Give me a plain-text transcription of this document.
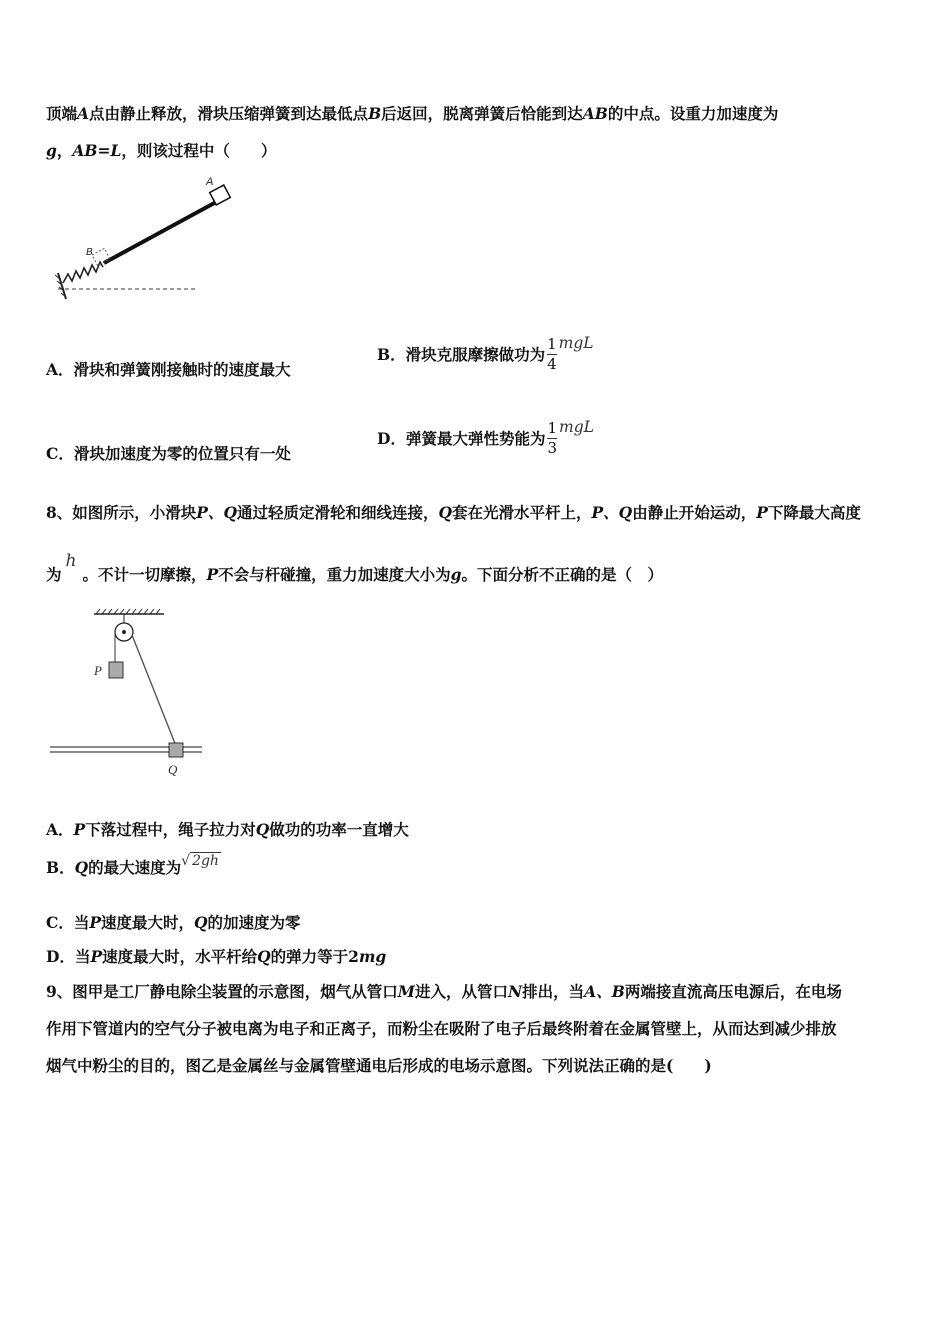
顶端A点由静止释放，滑块压缩弹簧到达最低点B后返回，脱离弹簧后恰能到达AB的中点。设重力加速度为
g，AB=L，则该过程中（　　）
A
B
A．滑块和弹簧刚接触时的速度最大
B．滑块克服摩擦做功为 $\frac{1}{4}$ mgL
C．滑块加速度为零的位置只有一处
D．弹簧最大弹性势能为 $\frac{1}{3}$ mgL
8、如图所示，小滑块P、Q通过轻质定滑轮和细线连接，Q套在光滑水平杆上，P、Q由静止开始运动，P下降最大高度
为h。不计一切摩擦，P不会与杆碰撞，重力加速度大小为g。下面分析不正确的是（　）
P
Q
A．P下落过程中，绳子拉力对Q做功的功率一直增大
B．Q的最大速度为√ 2gh
C．当P速度最大时，Q的加速度为零
D．当P速度最大时，水平杆给Q的弹力等于2mg
9、图甲是工厂静电除尘装置的示意图，烟气从管口M进入，从管口N排出，当A、B两端接直流高压电源后，在电场
作用下管道内的空气分子被电离为电子和正离子，而粉尘在吸附了电子后最终附着在金属管壁上，从而达到减少排放
烟气中粉尘的目的，图乙是金属丝与金属管壁通电后形成的电场示意图。下列说法正确的是(　　)
